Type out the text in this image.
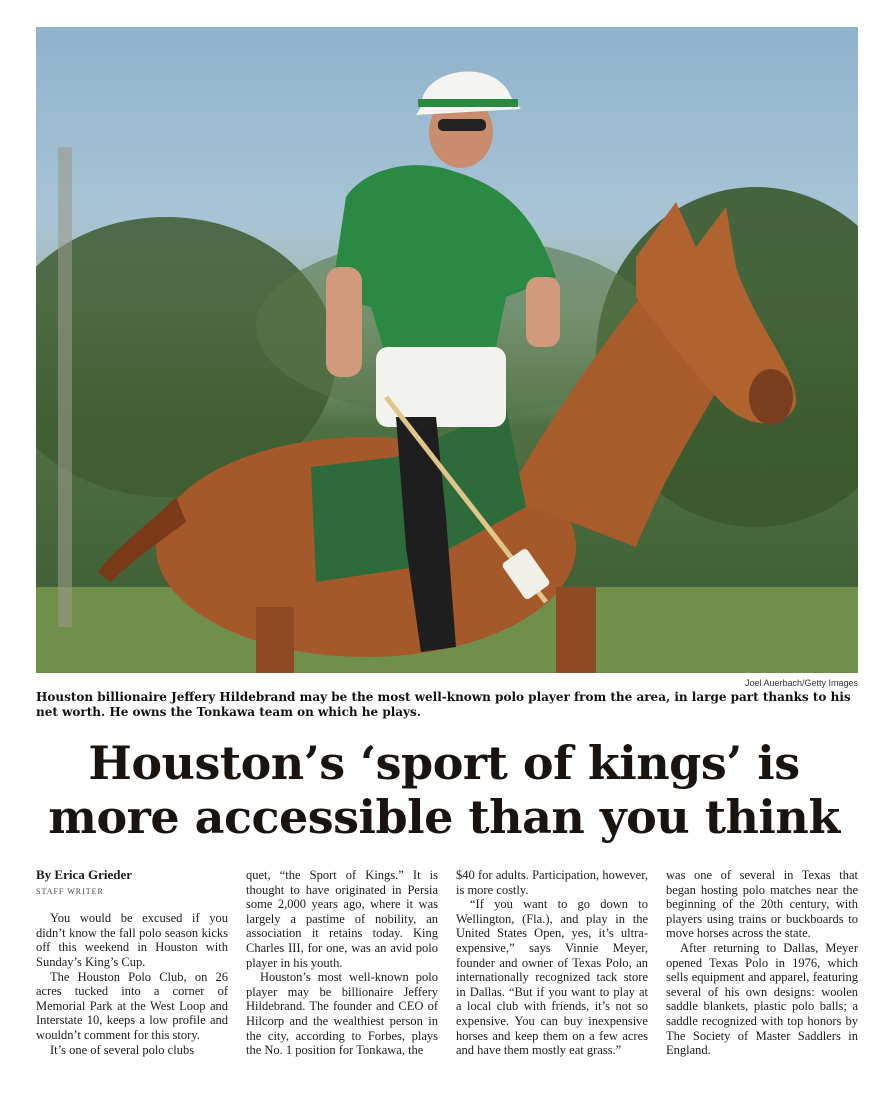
Joel Auerbach/Getty Images
Houston billionaire Jeffery Hildebrand may be the most well-known polo player from the area, in large part thanks to his net worth. He owns the Tonkawa team on which he plays.
Houston’s ‘sport of kings’ is
more accessible than you think
By Erica Grieder
STAFF WRITER

You would be excused if you didn’t know the fall polo season kicks off this weekend in Houston with Sunday’s King’s Cup.

The Houston Polo Club, on 26 acres tucked into a corner of Memorial Park at the West Loop and Interstate 10, keeps a low profile and wouldn’t comment for this story.

It’s one of several polo clubs

quet, “the Sport of Kings.” It is thought to have originated in Persia some 2,000 years ago, where it was largely a pastime of nobility, an association it retains today. King Charles III, for one, was an avid polo player in his youth.

Houston’s most well-known polo player may be billionaire Jeffery Hildebrand. The founder and CEO of Hilcorp and the wealthiest person in the city, according to Forbes, plays the No. 1 position for Tonkawa, the

$40 for adults. Participation, however, is more costly.

“If you want to go down to Wellington, (Fla.), and play in the United States Open, yes, it’s ultra-expensive,” says Vinnie Meyer, founder and owner of Texas Polo, an internationally recognized tack store in Dallas. “But if you want to play at a local club with friends, it’s not so expensive. You can buy inexpensive horses and keep them on a few acres and have them mostly eat grass.”

was one of several in Texas that began hosting polo matches near the beginning of the 20th century, with players using trains or buckboards to move horses across the state.

After returning to Dallas, Meyer opened Texas Polo in 1976, which sells equipment and apparel, featuring several of his own designs: woolen saddle blankets, plastic polo balls; a saddle recognized with top honors by The Society of Master Saddlers in England.
